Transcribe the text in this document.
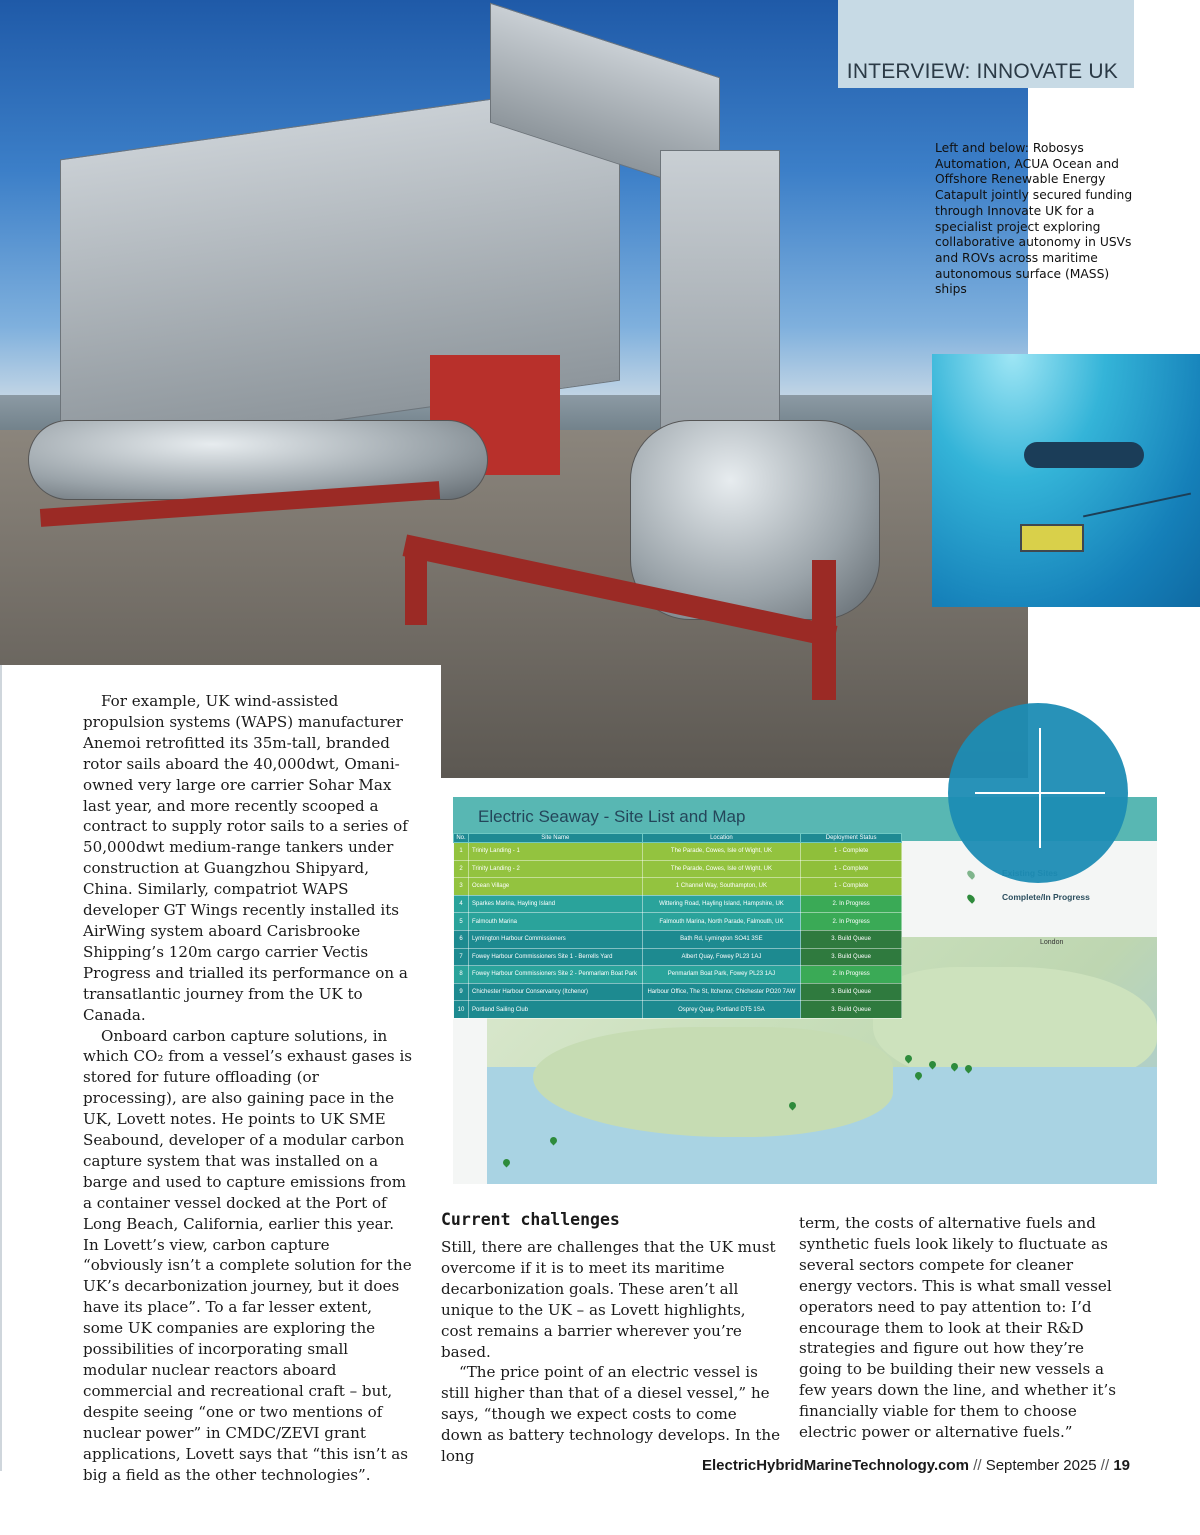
INTERVIEW: INNOVATE UK
Left and below: Robosys Automation, ACUA Ocean and Offshore Renewable Energy Catapult jointly secured funding through Innovate UK for a specialist project exploring collaborative autonomy in USVs and ROVs across maritime autonomous surface (MASS) ships

For example, UK wind-assisted propulsion systems (WAPS) manufacturer Anemoi retrofitted its 35m-tall, branded rotor sails aboard the 40,000dwt, Omani-owned very large ore carrier Sohar Max last year, and more recently scooped a contract to supply rotor sails to a series of 50,000dwt medium-range tankers under construction at Guangzhou Shipyard, China. Similarly, compatriot WAPS developer GT Wings recently installed its AirWing system aboard Carisbrooke Shipping’s 120m cargo carrier Vectis Progress and trialled its performance on a transatlantic journey from the UK to Canada.

Onboard carbon capture solutions, in which CO₂ from a vessel’s exhaust gases is stored for future offloading (or processing), are also gaining pace in the UK, Lovett notes. He points to UK SME Seabound, developer of a modular carbon capture system that was installed on a barge and used to capture emissions from a container vessel docked at the Port of Long Beach, California, earlier this year. In Lovett’s view, carbon capture “obviously isn’t a complete solution for the UK’s decarbonization journey, but it does have its place”. To a far lesser extent, some UK companies are exploring the possibilities of incorporating small modular nuclear reactors aboard commercial and recreational craft – but, despite seeing “one or two mentions of nuclear power” in CMDC/ZEVI grant applications, Lovett says that “this isn’t as big a field as the other technologies”.

London
Electric Seaway - Site List and Map
No.	Site Name	Location	Deployment Status
1	Trinity Landing - 1	The Parade, Cowes, Isle of Wight, UK	1 - Complete
2	Trinity Landing - 2	The Parade, Cowes, Isle of Wight, UK	1 - Complete
3	Ocean Village	1 Channel Way, Southampton, UK	1 - Complete
4	Sparkes Marina, Hayling Island	Wittering Road, Hayling Island, Hampshire, UK	2. In Progress
5	Falmouth Marina	Falmouth Marina, North Parade, Falmouth, UK	2. In Progress
6	Lymington Harbour Commissioners	Bath Rd, Lymington SO41 3SE	3. Build Queue
7	Fowey Harbour Commissioners Site 1 - Berrells Yard	Albert Quay, Fowey PL23 1AJ	3. Build Queue
8	Fowey Harbour Commissioners Site 2 - Penmarlam Boat Park	Penmarlam Boat Park, Fowey PL23 1AJ	2. In Progress
9	Chichester Harbour Conservancy (Itchenor)	Harbour Office, The St, Itchenor, Chichester PO20 7AW	3. Build Queue
10	Portland Sailing Club	Osprey Quay, Portland DT5 1SA	3. Build Queue
Complete/In Progress
Current challenges

Still, there are challenges that the UK must overcome if it is to meet its maritime decarbonization goals. These aren’t all unique to the UK – as Lovett highlights, cost remains a barrier wherever you’re based.

“The price point of an electric vessel is still higher than that of a diesel vessel,” he says, “though we expect costs to come down as battery technology develops. In the long

term, the costs of alternative fuels and synthetic fuels look likely to fluctuate as several sectors compete for cleaner energy vectors. This is what small vessel operators need to pay attention to: I’d encourage them to look at their R&D strategies and figure out how they’re going to be building their new vessels a few years down the line, and whether it’s financially viable for them to choose electric power or alternative fuels.”

ElectricHybridMarineTechnology.com // September 2025 // 19
